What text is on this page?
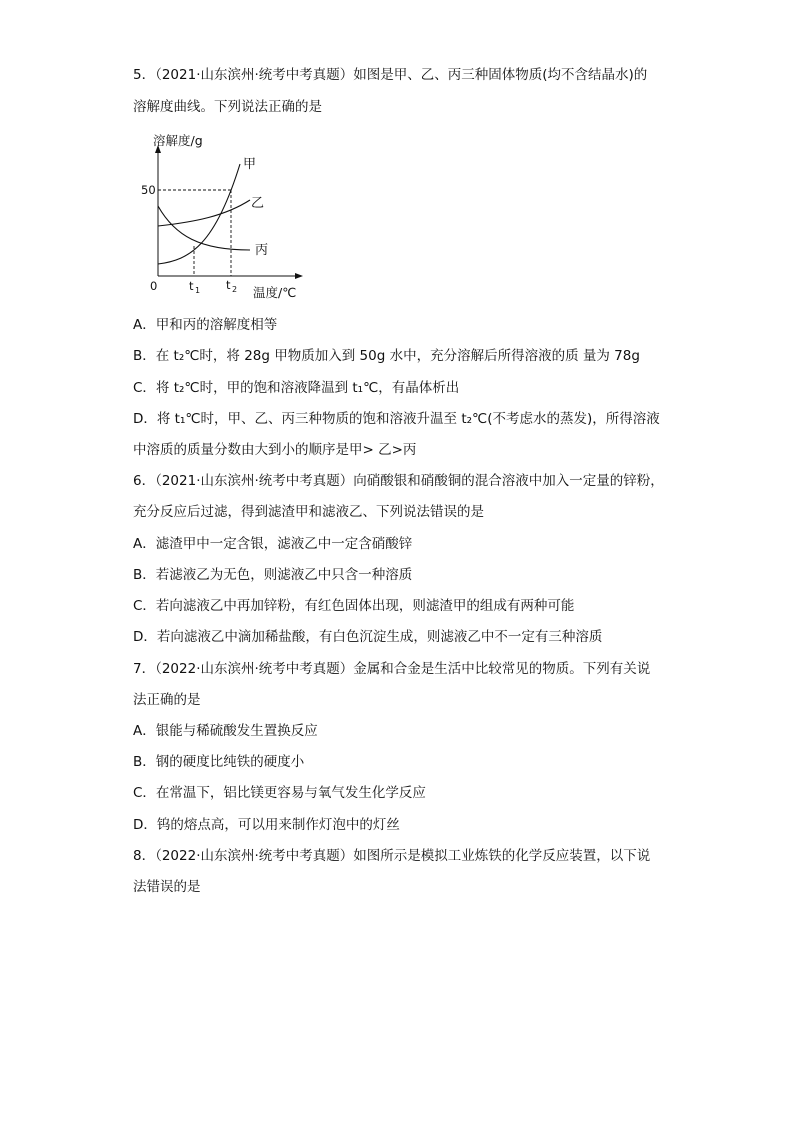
5．（2021·山东滨州·统考中考真题）如图是甲、乙、丙三种固体物质(均不含结晶水)的
溶解度曲线。下列说法正确的是
溶解度/g
温度/℃
50
0	t 1 t 2
甲
乙
丙
A．甲和丙的溶解度相等
B．在 t₂℃时，将 28g 甲物质加入到 50g 水中，充分溶解后所得溶液的质 量为 78g
C．将 t₂℃时，甲的饱和溶液降温到 t₁℃，有晶体析出
D．将 t₁℃时，甲、乙、丙三种物质的饱和溶液升温至 t₂℃(不考虑水的蒸发)，所得溶液
中溶质的质量分数由大到小的顺序是甲> 乙>丙
6．（2021·山东滨州·统考中考真题）向硝酸银和硝酸铜的混合溶液中加入一定量的锌粉，
充分反应后过滤，得到滤渣甲和滤液乙、下列说法错误的是
A．滤渣甲中一定含银，滤液乙中一定含硝酸锌
B．若滤液乙为无色，则滤液乙中只含一种溶质
C．若向滤液乙中再加锌粉，有红色固体出现，则滤渣甲的组成有两种可能
D．若向滤液乙中滴加稀盐酸，有白色沉淀生成，则滤液乙中不一定有三种溶质
7．（2022·山东滨州·统考中考真题）金属和合金是生活中比较常见的物质。下列有关说
法正确的是
A．银能与稀硫酸发生置换反应
B．钢的硬度比纯铁的硬度小
C．在常温下，铝比镁更容易与氧气发生化学反应
D．钨的熔点高，可以用来制作灯泡中的灯丝
8．（2022·山东滨州·统考中考真题）如图所示是模拟工业炼铁的化学反应装置，以下说
法错误的是
